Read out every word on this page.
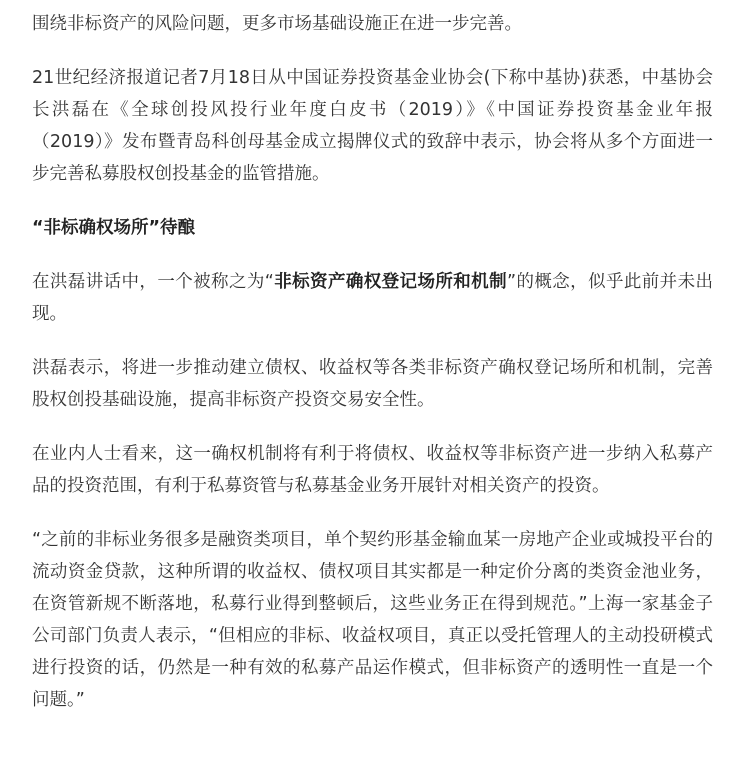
围绕非标资产的风险问题，更多市场基础设施正在进一步完善。

21世纪经济报道记者7月18日从中国证券投资基金业协会(下称中基协)获悉，中基协会长洪磊在《全球创投风投行业年度白皮书（2019）》《中国证券投资基金业年报（2019）》发布暨青岛科创母基金成立揭牌仪式的致辞中表示，协会将从多个方面进一步完善私募股权创投基金的监管措施。

“非标确权场所”待酿

在洪磊讲话中，一个被称之为“非标资产确权登记场所和机制”的概念，似乎此前并未出现。

洪磊表示，将进一步推动建立债权、收益权等各类非标资产确权登记场所和机制，完善股权创投基础设施，提高非标资产投资交易安全性。

在业内人士看来，这一确权机制将有利于将债权、收益权等非标资产进一步纳入私募产品的投资范围，有利于私募资管与私募基金业务开展针对相关资产的投资。

“之前的非标业务很多是融资类项目，单个契约形基金输血某一房地产企业或城投平台的流动资金贷款，这种所谓的收益权、债权项目其实都是一种定价分离的类资金池业务，在资管新规不断落地，私募行业得到整顿后，这些业务正在得到规范。”上海一家基金子公司部门负责人表示，“但相应的非标、收益权项目，真正以受托管理人的主动投研模式进行投资的话，仍然是一种有效的私募产品运作模式，但非标资产的透明性一直是一个问题。”
